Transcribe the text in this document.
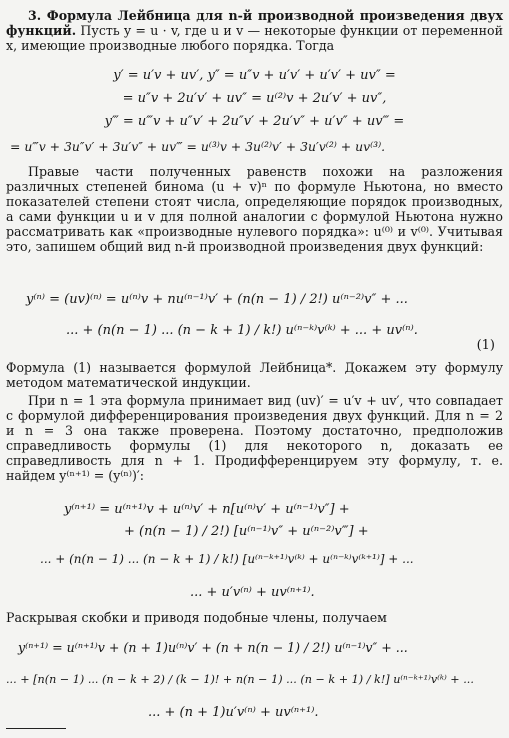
3. Формула Лейбница для n-й производной произведения двух функций. Пусть y = u · v, где u и v — некоторые функции от переменной x, имеющие производные любого порядка. Тогда

y′ = u′v + uv′, y″ = u″v + u′v′ + u′v′ + uv″ =
= u″v + 2u′v′ + uv″ = u⁽²⁾v + 2u′v′ + uv″,
y‴ = u‴v + u″v′ + 2u″v′ + 2u′v″ + u′v″ + uv‴ =
= u‴v + 3u″v′ + 3u′v″ + uv‴ = u⁽³⁾v + 3u⁽²⁾v′ + 3u′v⁽²⁾ + uv⁽³⁾.

Правые части полученных равенств похожи на разложения различных степеней бинома (u + v)ⁿ по формуле Ньютона, но вместо показателей степени стоят числа, определяющие порядок производных, а сами функции u и v для полной аналогии с формулой Ньютона нужно рассматривать как «производные нулевого порядка»: u⁽⁰⁾ и v⁽⁰⁾. Учитывая это, запишем общий вид n-й производной произведения двух функций:

y⁽ⁿ⁾ = (uv)⁽ⁿ⁾ = u⁽ⁿ⁾v + nu⁽ⁿ⁻¹⁾v′ + (n(n − 1) / 2!) u⁽ⁿ⁻²⁾v″ + ...
... + (n(n − 1) ... (n − k + 1) / k!) u⁽ⁿ⁻ᵏ⁾v⁽ᵏ⁾ + ... + uv⁽ⁿ⁾.
(1)

Формула (1) называется формулой Лейбница*. Докажем эту формулу методом математической индукции.

При n = 1 эта формула принимает вид (uv)′ = u′v + uv′, что совпадает с формулой дифференцирования произведения двух функций. Для n = 2 и n = 3 она также проверена. Поэтому достаточно, предположив справедливость формулы (1) для некоторого n, доказать ее справедливость для n + 1. Продифференцируем эту формулу, т. е. найдем y⁽ⁿ⁺¹⁾ = (y⁽ⁿ⁾)′:

y⁽ⁿ⁺¹⁾ = u⁽ⁿ⁺¹⁾v + u⁽ⁿ⁾v′ + n[u⁽ⁿ⁾v′ + u⁽ⁿ⁻¹⁾v″] +
+ (n(n − 1) / 2!) [u⁽ⁿ⁻¹⁾v″ + u⁽ⁿ⁻²⁾v‴] +
... + (n(n − 1) ... (n − k + 1) / k!) [u⁽ⁿ⁻ᵏ⁺¹⁾v⁽ᵏ⁾ + u⁽ⁿ⁻ᵏ⁾v⁽ᵏ⁺¹⁾] + ...
... + u′v⁽ⁿ⁾ + uv⁽ⁿ⁺¹⁾.

Раскрывая скобки и приводя подобные члены, получаем

y⁽ⁿ⁺¹⁾ = u⁽ⁿ⁺¹⁾v + (n + 1)u⁽ⁿ⁾v′ + (n + n(n − 1) / 2!) u⁽ⁿ⁻¹⁾v″ + ...
... + [n(n − 1) ... (n − k + 2) / (k − 1)! + n(n − 1) ... (n − k + 1) / k!] u⁽ⁿ⁻ᵏ⁺¹⁾v⁽ᵏ⁾ + ...
... + (n + 1)u′v⁽ⁿ⁾ + uv⁽ⁿ⁺¹⁾.
